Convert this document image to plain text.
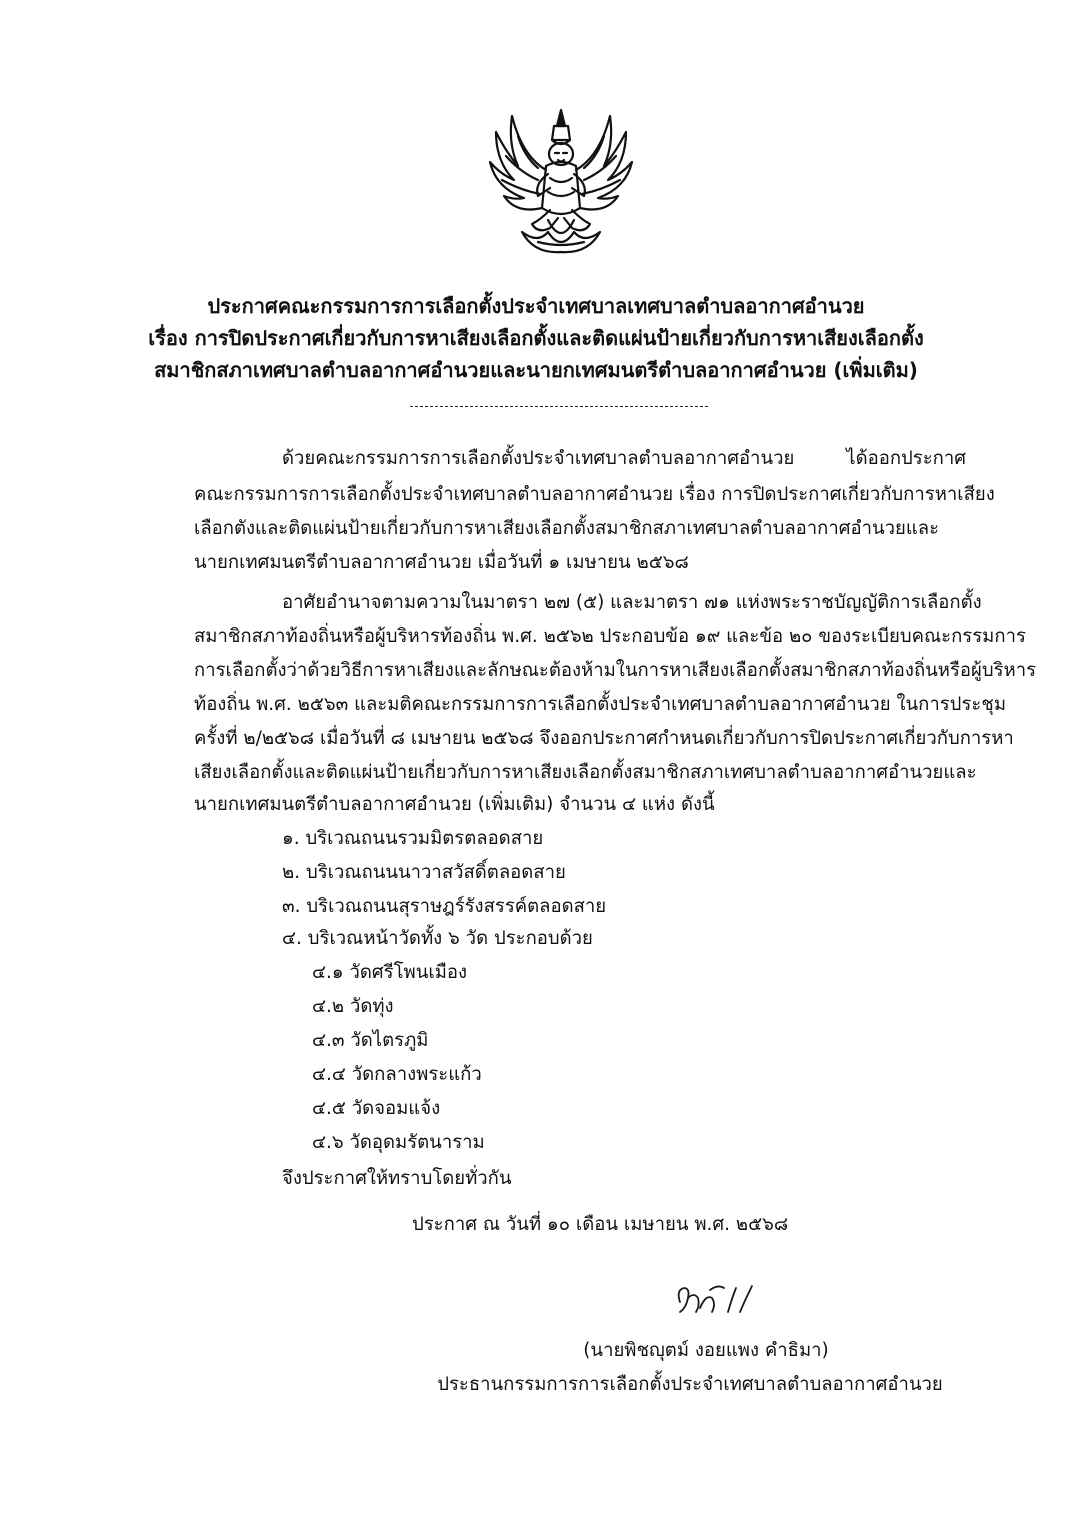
ประกาศคณะกรรมการการเลือกตั้งประจำเทศบาลเทศบาลตำบลอากาศอำนวย
เรื่อง การปิดประกาศเกี่ยวกับการหาเสียงเลือกตั้งและติดแผ่นป้ายเกี่ยวกับการหาเสียงเลือกตั้ง
สมาชิกสภาเทศบาลตำบลอากาศอำนวยและนายกเทศมนตรีตำบลอากาศอำนวย (เพิ่มเติม)
ด้วยคณะกรรมการการเลือกตั้งประจำเทศบาลตำบลอากาศอำนวย ได้ออกประกาศ
คณะกรรมการการเลือกตั้งประจำเทศบาลตำบลอากาศอำนวย เรื่อง การปิดประกาศเกี่ยวกับการหาเสียง
เลือกตังและติดแผ่นป้ายเกี่ยวกับการหาเสียงเลือกตั้งสมาชิกสภาเทศบาลตำบลอากาศอำนวยและ
นายกเทศมนตรีตำบลอากาศอำนวย เมื่อวันที่ ๑ เมษายน ๒๕๖๘
อาศัยอำนาจตามความในมาตรา ๒๗ (๕) และมาตรา ๗๑ แห่งพระราชบัญญัติการเลือกตั้ง
สมาชิกสภาท้องถิ่นหรือผู้บริหารท้องถิ่น พ.ศ. ๒๕๖๒ ประกอบข้อ ๑๙ และข้อ ๒๐ ของระเบียบคณะกรรมการ
การเลือกตั้งว่าด้วยวิธีการหาเสียงและลักษณะต้องห้ามในการหาเสียงเลือกตั้งสมาชิกสภาท้องถิ่นหรือผู้บริหาร
ท้องถิ่น พ.ศ. ๒๕๖๓ และมติคณะกรรมการการเลือกตั้งประจำเทศบาลตำบลอากาศอำนวย ในการประชุม
ครั้งที่ ๒/๒๕๖๘ เมื่อวันที่ ๘ เมษายน ๒๕๖๘ จึงออกประกาศกำหนดเกี่ยวกับการปิดประกาศเกี่ยวกับการหา
เสียงเลือกตั้งและติดแผ่นป้ายเกี่ยวกับการหาเสียงเลือกตั้งสมาชิกสภาเทศบาลตำบลอากาศอำนวยและ
นายกเทศมนตรีตำบลอากาศอำนวย (เพิ่มเติม) จำนวน ๔ แห่ง ดังนี้
๑. บริเวณถนนรวมมิตรตลอดสาย
๒. บริเวณถนนนาวาสวัสดิ์ตลอดสาย
๓. บริเวณถนนสุราษฎร์รังสรรค์ตลอดสาย
๔. บริเวณหน้าวัดทั้ง ๖ วัด ประกอบด้วย
๔.๑ วัดศรีโพนเมือง
๔.๒ วัดทุ่ง
๔.๓ วัดไตรภูมิ
๔.๔ วัดกลางพระแก้ว
๔.๕ วัดจอมแจ้ง
๔.๖ วัดอุดมรัตนาราม
จึงประกาศให้ทราบโดยทั่วกัน
ประกาศ ณ วันที่ ๑๐ เดือน เมษายน พ.ศ. ๒๕๖๘
(นายพิชญุตม์ งอยแพง คำธิมา)
ประธานกรรมการการเลือกตั้งประจำเทศบาลตำบลอากาศอำนวย
